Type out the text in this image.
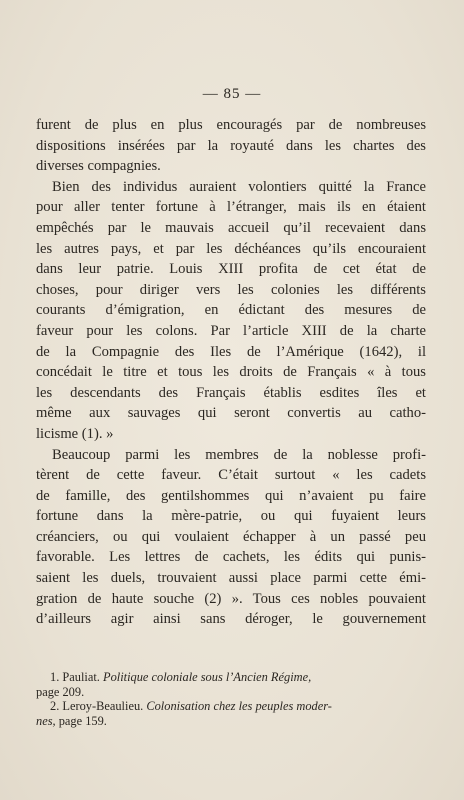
— 85 —
furent de plus en plus encouragés par de nombreuses
dispositions insérées par la royauté dans les chartes des
diverses compagnies.
Bien des individus auraient volontiers quitté la France
pour aller tenter fortune à l’étranger, mais ils en étaient
empêchés par le mauvais accueil qu’il recevaient dans
les autres pays, et par les déchéances qu’ils encouraient
dans leur patrie. Louis XIII profita de cet état de
choses, pour diriger vers les colonies les différents
courants d’émigration, en édictant des mesures de
faveur pour les colons. Par l’article XIII de la charte
de la Compagnie des Iles de l’Amérique (1642), il
concédait le titre et tous les droits de Français « à tous
les descendants des Français établis esdites îles et
même aux sauvages qui seront convertis au catho-
licisme (1). »
Beaucoup parmi les membres de la noblesse profi-
tèrent de cette faveur. C’était surtout « les cadets
de famille, des gentilshommes qui n’avaient pu faire
fortune dans la mère-patrie, ou qui fuyaient leurs
créanciers, ou qui voulaient échapper à un passé peu
favorable. Les lettres de cachets, les édits qui punis-
saient les duels, trouvaient aussi place parmi cette émi-
gration de haute souche (2) ». Tous ces nobles pouvaient
d’ailleurs agir ainsi sans déroger, le gouvernement
1. Pauliat. Politique coloniale sous l’Ancien Régime,
page 209.
2. Leroy-Beaulieu. Colonisation chez les peuples moder-
nes, page 159.
